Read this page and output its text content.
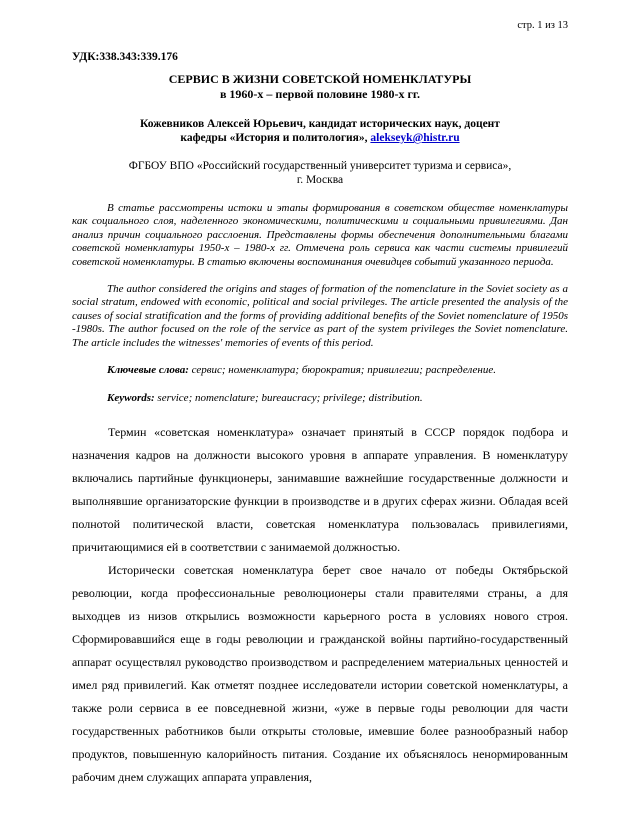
стр. 1 из 13
УДК:338.343:339.176
СЕРВИС В ЖИЗНИ СОВЕТСКОЙ НОМЕНКЛАТУРЫ
в 1960-х – первой половине 1980-х гг.
Кожевников Алексей Юрьевич, кандидат исторических наук, доцент
кафедры «История и политология», alekseyk@histr.ru
ФГБОУ ВПО «Российский государственный университет туризма и сервиса»,
г. Москва

В статье рассмотрены истоки и этапы формирования в советском обществе номенклатуры как социального слоя, наделенного экономическими, политическими и социальными привилегиями. Дан анализ причин социального расслоения. Представлены формы обеспечения дополнительными благами советской номенклатуры 1950-х – 1980-х гг. Отмечена роль сервиса как части системы привилегий советской номенклатуры. В статью включены воспоминания очевидцев событий указанного периода.

The author considered the origins and stages of formation of the nomenclature in the Soviet society as a social stratum, endowed with economic, political and social privileges. The article presented the analysis of the causes of social stratification and the forms of providing additional benefits of the Soviet nomenclature of 1950s -1980s. The author focused on the role of the service as part of the system privileges the Soviet nomenclature. The article includes the witnesses' memories of events of this period.

Ключевые слова: сервис; номенклатура; бюрократия; привилегии; распределение.

Keywords: service; nomenclature; bureaucracy; privilege; distribution.

Термин «советская номенклатура» означает принятый в СССР порядок подбора и назначения кадров на должности высокого уровня в аппарате управления. В номенклатуру включались партийные функционеры, занимавшие важнейшие государственные должности и выполнявшие организаторские функции в производстве и в других сферах жизни. Обладая всей полнотой политической власти, советская номенклатура пользовалась привилегиями, причитающимися ей в соответствии с занимаемой должностью.

Исторически советская номенклатура берет свое начало от победы Октябрьской революции, когда профессиональные революционеры стали правителями страны, а для выходцев из низов открылись возможности карьерного роста в условиях нового строя. Сформировавшийся еще в годы революции и гражданской войны партийно-государственный аппарат осуществлял руководство производством и распределением материальных ценностей и имел ряд привилегий. Как отметят позднее исследователи истории советской номенклатуры, а также роли сервиса в ее повседневной жизни, «уже в первые годы революции для части государственных работников были открыты столовые, имевшие более разнообразный набор продуктов, повышенную калорийность питания. Создание их объяснялось ненормированным рабочим днем служащих аппарата управления,
